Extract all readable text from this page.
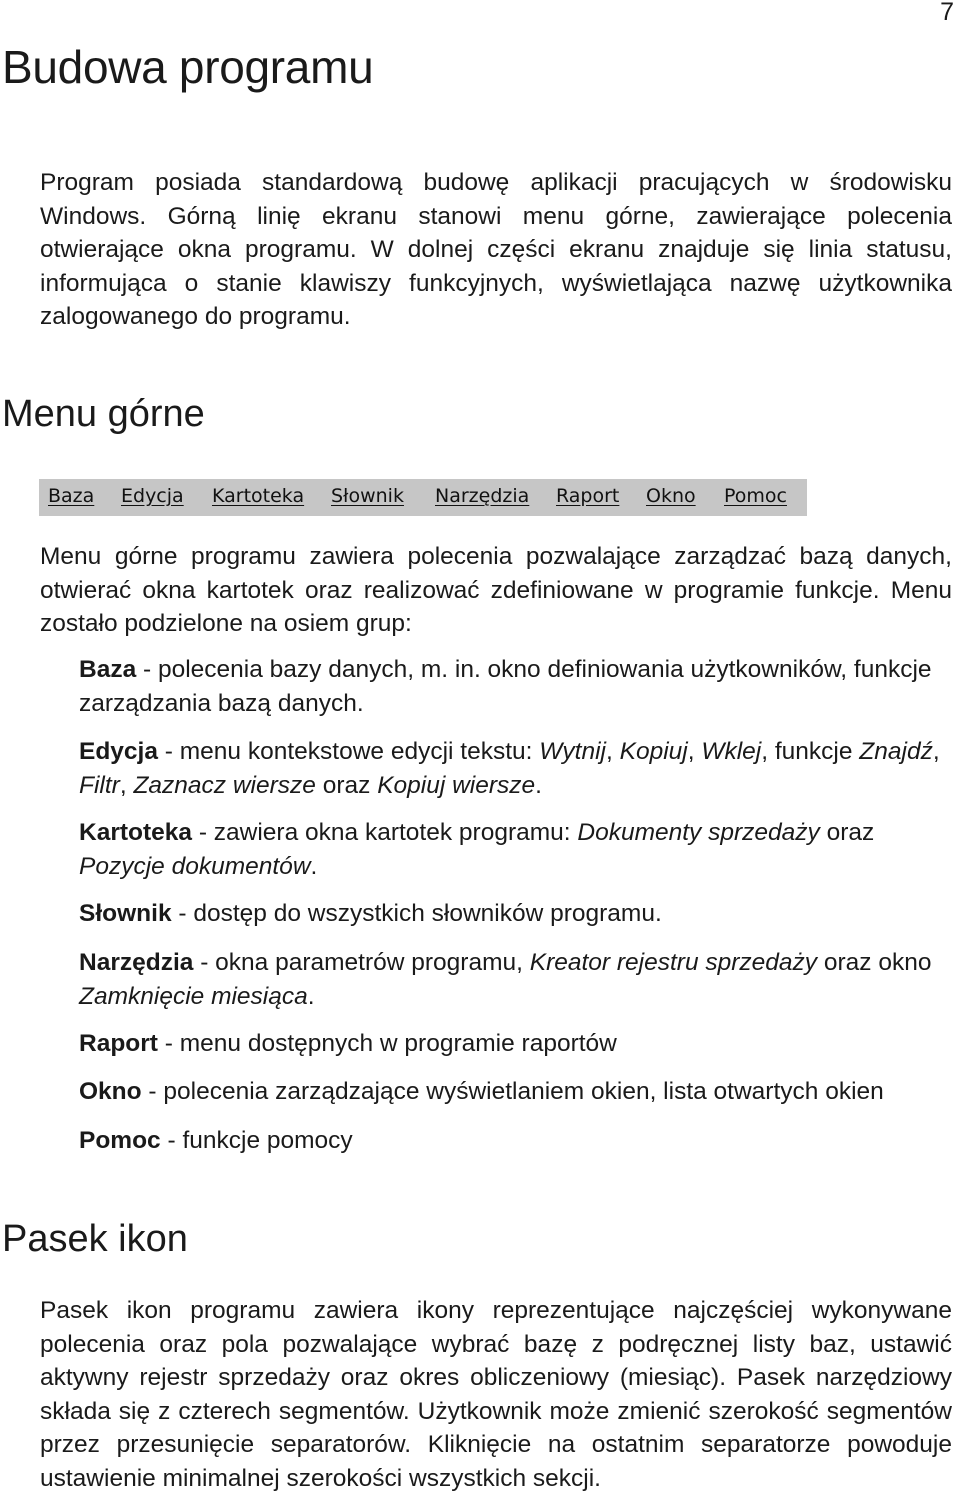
7
Budowa programu

Program posiada standardową budowę aplikacji pracujących w środowisku Windows. Górną linię ekranu stanowi menu górne, zawierające polecenia otwierające okna programu. W dolnej części ekranu znajduje się linia statusu, informująca o stanie klawiszy funkcyjnych, wyświetlająca nazwę użytkownika zalogowanego do programu.

Menu górne
Baza Edycja Kartoteka Słownik Narzędzia Raport Okno Pomoc

Menu górne programu zawiera polecenia pozwalające zarządzać bazą danych, otwierać okna kartotek oraz realizować zdefiniowane w programie funkcje. Menu zostało podzielone na osiem grup:

Baza - polecenia bazy danych, m. in. okno definiowania użytkowników, funkcje zarządzania bazą danych.

Edycja - menu kontekstowe edycji tekstu: Wytnij, Kopiuj, Wklej, funkcje Znajdź, Filtr, Zaznacz wiersze oraz Kopiuj wiersze.

Kartoteka - zawiera okna kartotek programu: Dokumenty sprzedaży oraz Pozycje dokumentów.

Słownik - dostęp do wszystkich słowników programu.

Narzędzia - okna parametrów programu, Kreator rejestru sprzedaży oraz okno Zamknięcie miesiąca.

Raport - menu dostępnych w programie raportów

Okno - polecenia zarządzające wyświetlaniem okien, lista otwartych okien

Pomoc - funkcje pomocy

Pasek ikon

Pasek ikon programu zawiera ikony reprezentujące najczęściej wykonywane polecenia oraz pola pozwalające wybrać bazę z podręcznej listy baz, ustawić aktywny rejestr sprzedaży oraz okres obliczeniowy (miesiąc). Pasek narzędziowy składa się z czterech segmentów. Użytkownik może zmienić szerokość segmentów przez przesunięcie separatorów. Kliknięcie na ostatnim separatorze powoduje ustawienie minimalnej szerokości wszystkich sekcji.
